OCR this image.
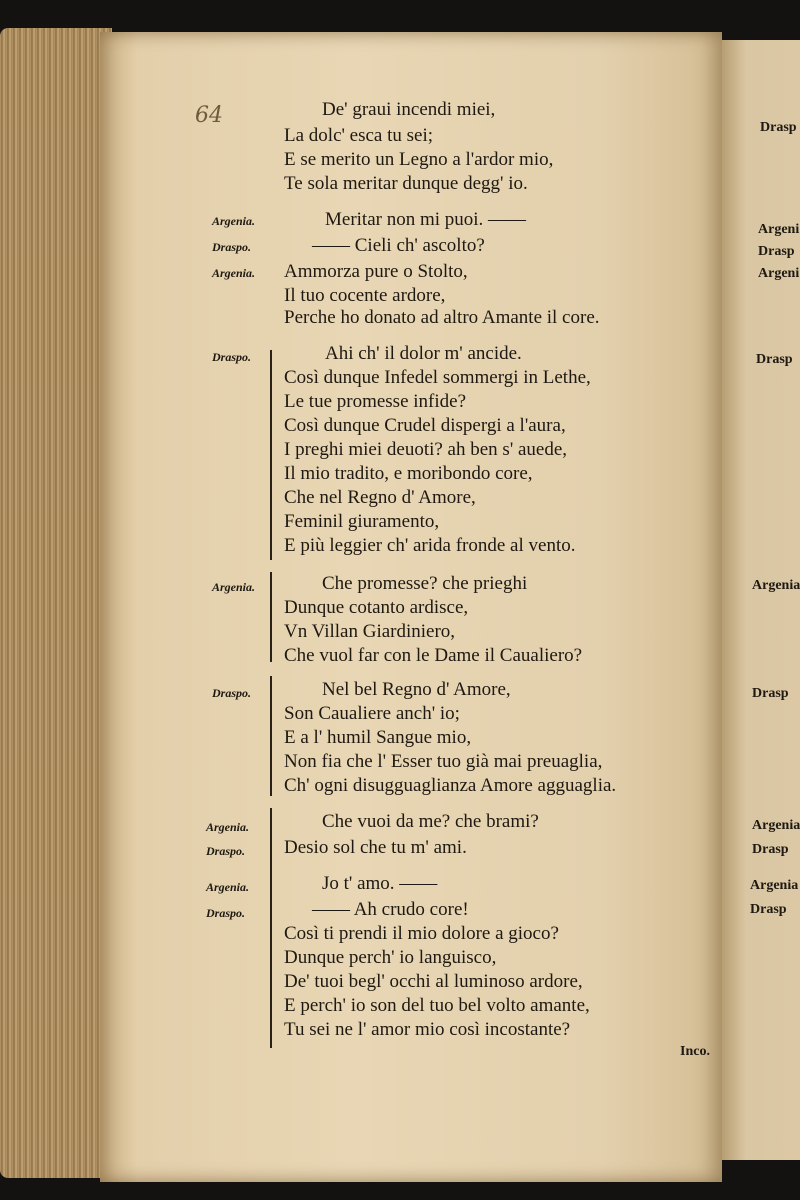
64	De' graui incendi miei,
La dolc' esca tu sei;
E se merito un Legno a l'ardor mio,
Te sola meritar dunque degg' io.
Argenia.	Meritar non mi puoi. ——
Draspo.	—— Cieli ch' ascolto?
Argenia. Ammorza pure o Stolto,
Il tuo cocente ardore,
Perche ho donato ad altro Amante il core.
Draspo.	Ahi ch' il dolor m' ancide.
Così dunque Infedel sommergi in Lethe,
Le tue promesse infide?
Così dunque Crudel dispergi a l'aura,
I preghi miei deuoti? ah ben s' auede,
Il mio tradito, e moribondo core,
Che nel Regno d' Amore,
Feminil giuramento,
E più leggier ch' arida fronde al vento.
Argenia.	Che promesse? che prieghi
Dunque cotanto ardisce,
Vn Villan Giardiniero,
Che vuol far con le Dame il Caualiero?
Draspo.	Nel bel Regno d' Amore,
Son Caualiere anch' io;
E a l' humil Sangue mio,
Non fia che l' Esser tuo già mai preuaglia,
Ch' ogni disugguaglianza Amore agguaglia.
Argenia.	Che vuoi da me? che brami?
Draspo. Desio sol che tu m' ami.
Argenia.	Jo t' amo. ——
Draspo.	—— Ah crudo core!
Così ti prendi il mio dolore a gioco?
Dunque perch' io languisco,
De' tuoi begl' occhi al luminoso ardore,
E perch' io son del tuo bel volto amante,
Tu sei ne l' amor mio così incostante?
Inco.
Drasp
Argeni
Drasp
Argeni
Drasp
Argenia
Drasp
Argenia
Drasp
Argenia
Drasp
